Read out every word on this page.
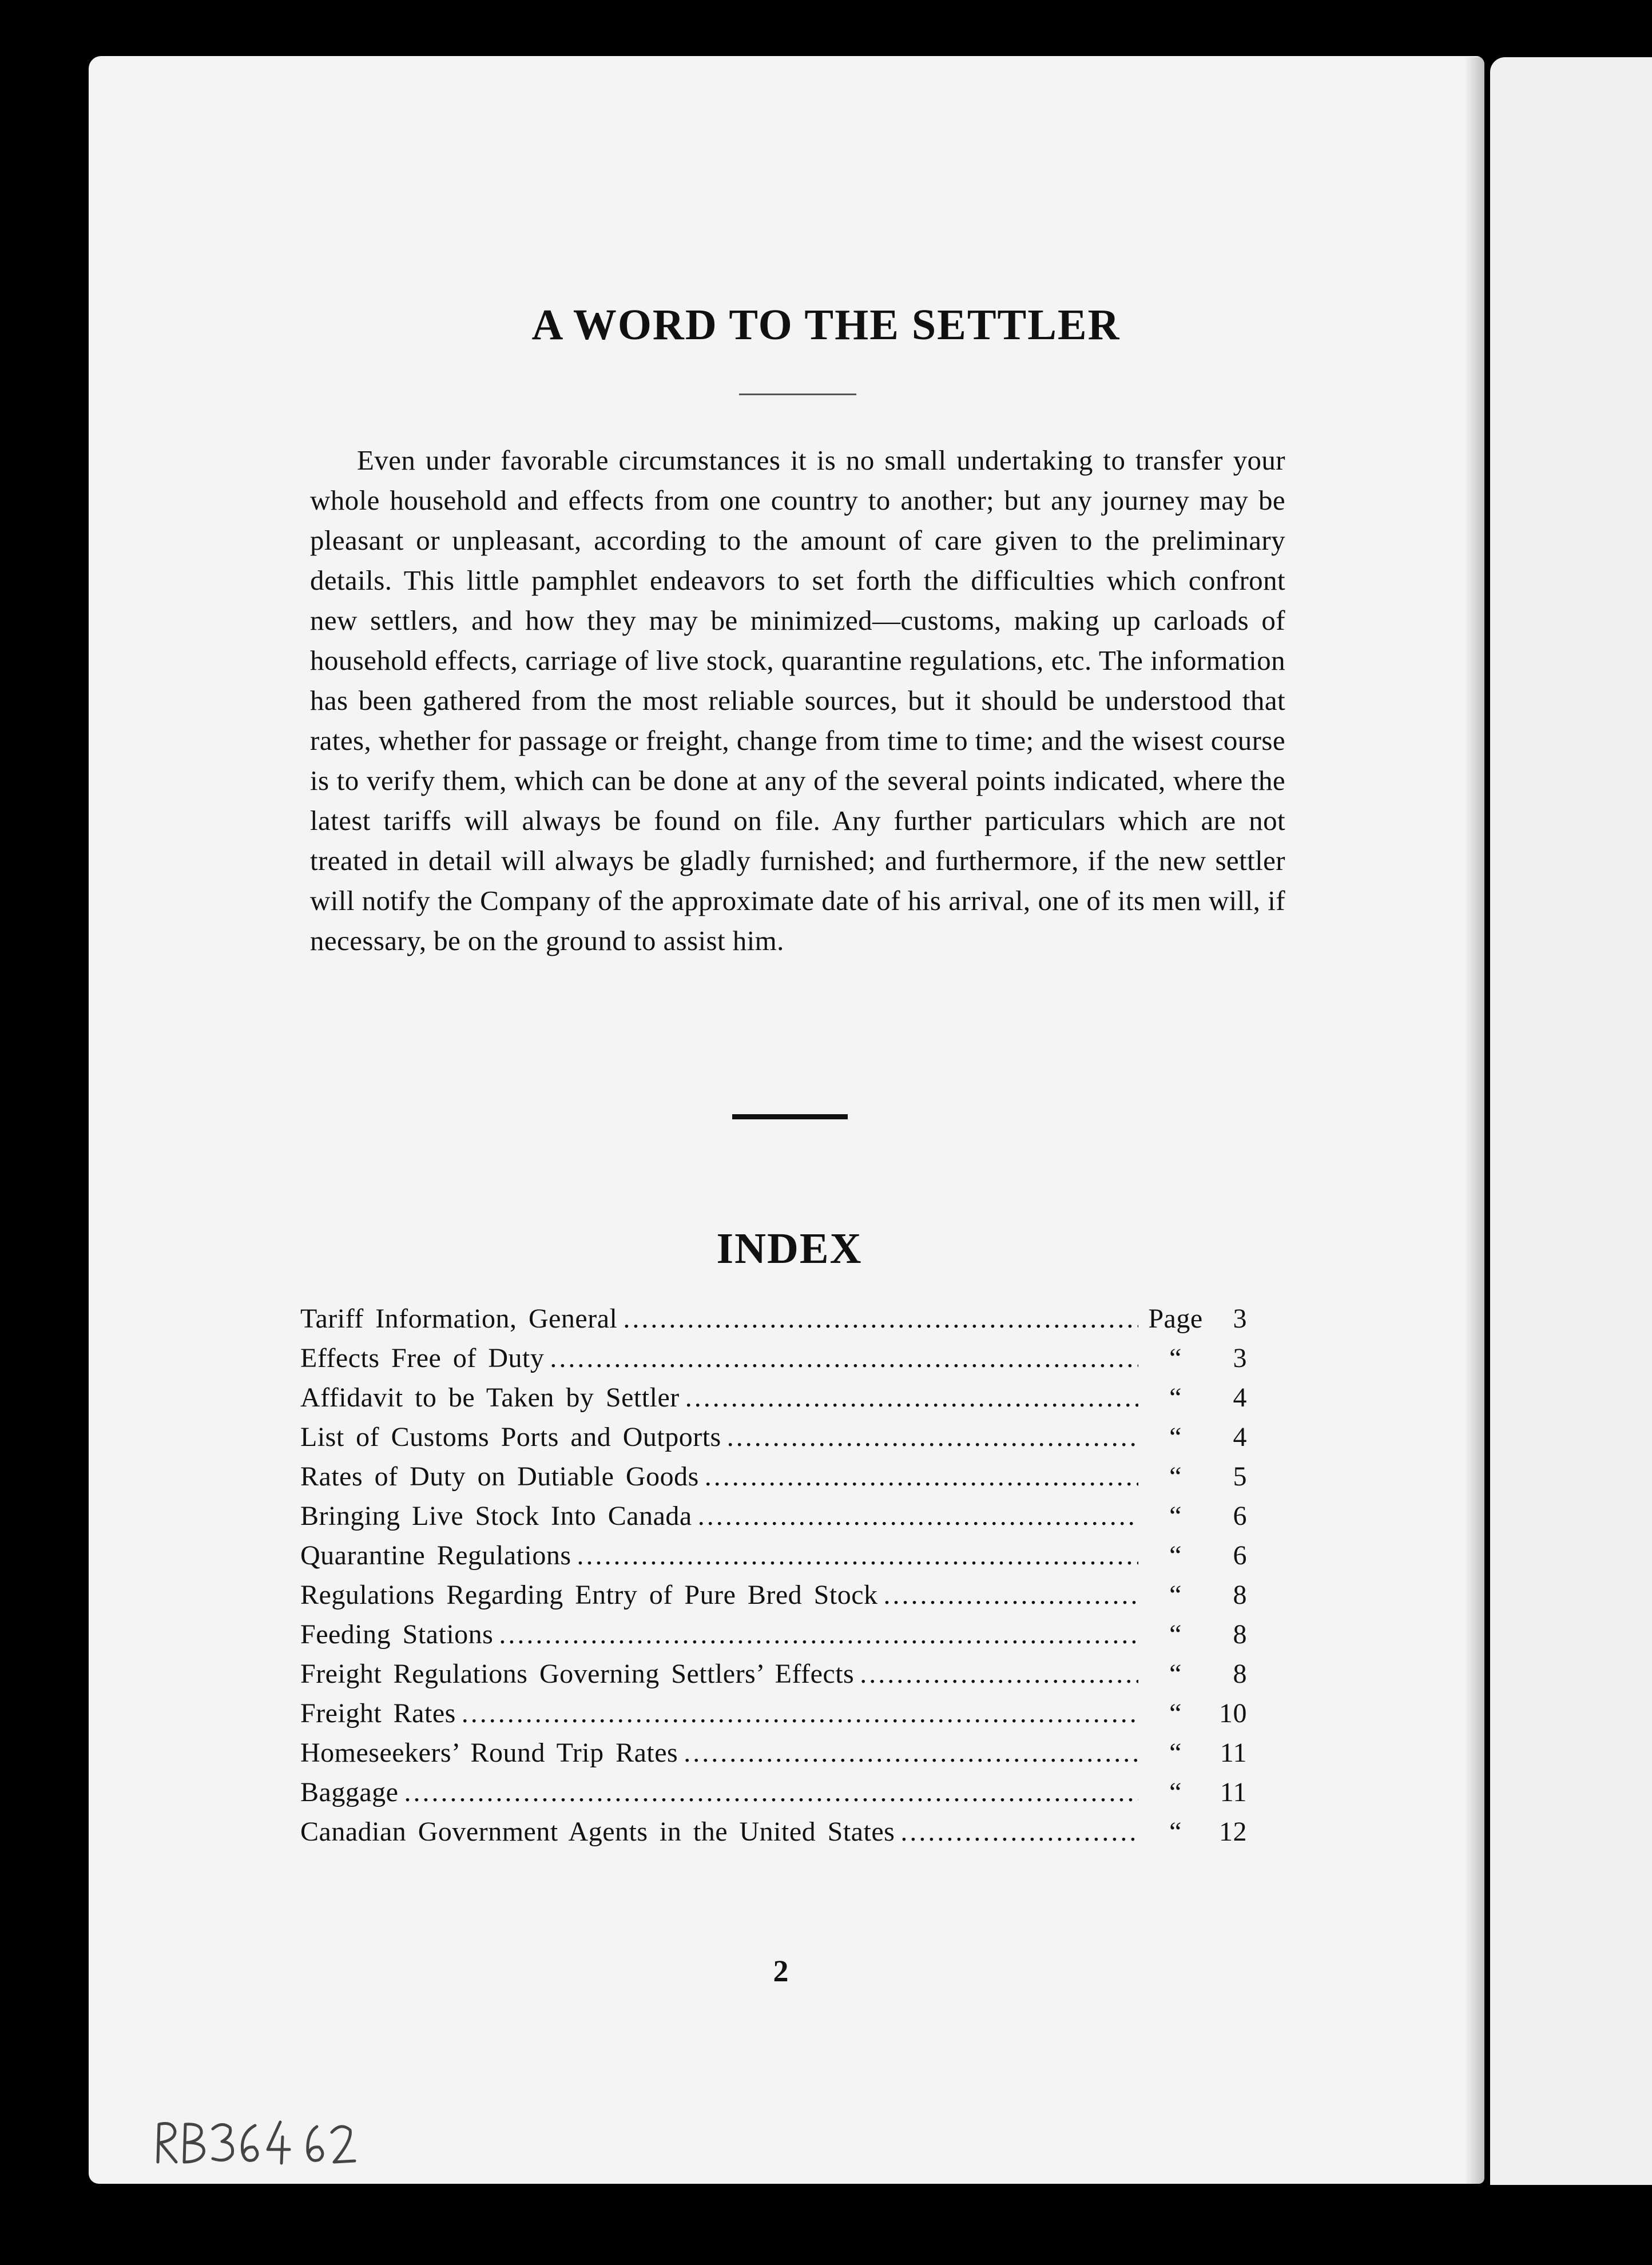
A WORD TO THE SETTLER

Even under favorable circumstances it is no small undertaking to transfer your whole household and effects from one country to another; but any journey may be pleasant or unpleasant, according to the amount of care given to the preliminary details. This little pamphlet endeavors to set forth the difficulties which confront new settlers, and how they may be minimized—customs, making up carloads of household effects, carriage of live stock, quarantine regulations, etc. The information has been gathered from the most reliable sources, but it should be understood that rates, whether for passage or freight, change from time to time; and the wisest course is to verify them, which can be done at any of the several points indicated, where the latest tariffs will always be found on file. Any further particulars which are not treated in detail will always be gladly furnished; and furthermore, if the new settler will notify the Company of the approximate date of his arrival, one of its men will, if necessary, be on the ground to assist him.

INDEX
Tariff Information, General . . .	Page	3
Effects Free of Duty . . .	“	3
Affidavit to be Taken by Settler . . .	“	4
List of Customs Ports and Outports . . .	“	4
Rates of Duty on Dutiable Goods . . .	“	5
Bringing Live Stock Into Canada . . .	“	6
Quarantine Regulations . . .	“	6
Regulations Regarding Entry of Pure Bred Stock . . .	“	8
Feeding Stations . . .	“	8
Freight Regulations Governing Settlers’ Effects . . .	“	8
Freight Rates . . .	“	10
Homeseekers’ Round Trip Rates . . .	“	11
Baggage . . .	“	11
Canadian Government Agents in the United States . . .	“	12

2
